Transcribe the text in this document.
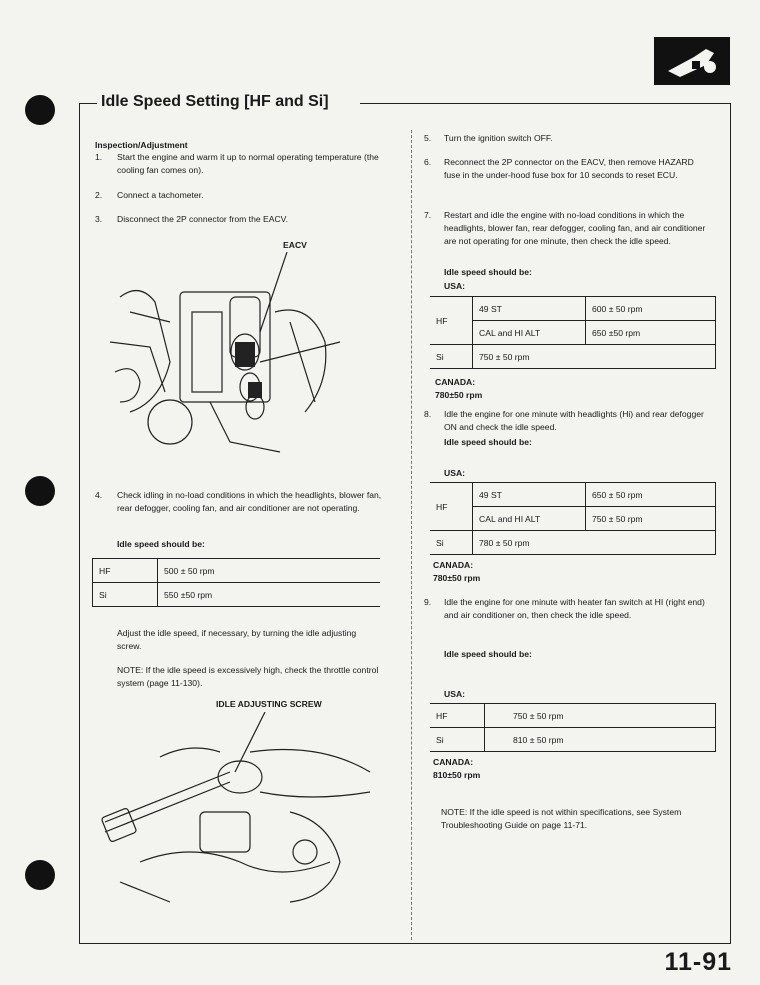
Idle Speed Setting [HF and Si]
Inspection/Adjustment
1. Start the engine and warm it up to normal operating temperature (the cooling fan comes on).
2. Connect a tachometer.
3. Disconnect the 2P connector from the EACV.
EACV
4. Check idling in no-load conditions in which the headlights, blower fan, rear defogger, cooling fan, and air conditioner are not operating.
Idle speed should be:
HF	500 ± 50 rpm
Si	550 ±50 rpm
Adjust the idle speed, if necessary, by turning the idle adjusting screw.
NOTE: If the idle speed is excessively high, check the throttle control system (page 11-130).
IDLE ADJUSTING SCREW
5. Turn the ignition switch OFF.
6. Reconnect the 2P connector on the EACV, then remove HAZARD fuse in the under-hood fuse box for 10 seconds to reset ECU.
7. Restart and idle the engine with no-load conditions in which the headlights, blower fan, rear defogger, cooling fan, and air conditioner are not operating for one minute, then check the idle speed.
Idle speed should be:
USA:
HF	49 ST	600 ± 50 rpm
	CAL and HI ALT	650 ±50 rpm
Si	750 ± 50 rpm	
CANADA:
780±50 rpm
8. Idle the engine for one minute with headlights (Hi) and rear defogger ON and check the idle speed.
Idle speed should be:
USA:
HF	49 ST	650 ± 50 rpm
	CAL and HI ALT	750 ± 50 rpm
Si	780 ± 50 rpm	
CANADA:
780±50 rpm
9. Idle the engine for one minute with heater fan switch at HI (right end) and air conditioner on, then check the idle speed.
Idle speed should be:
USA:
HF	750 ± 50 rpm
Si	810 ± 50 rpm
CANADA:
810±50 rpm
NOTE: If the idle speed is not within specifications, see System Troubleshooting Guide on page 11-71.
11-91
